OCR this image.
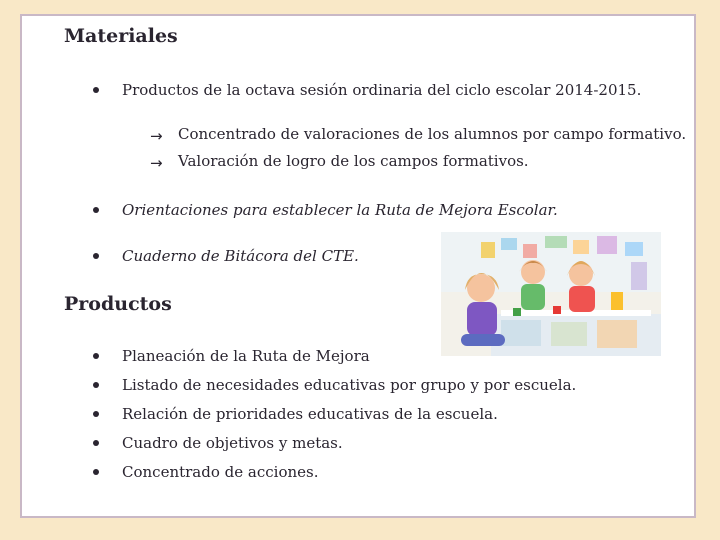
Materiales
Productos de la octava sesión ordinaria del ciclo escolar 2014-2015.
→ Concentrado de valoraciones de los alumnos por campo formativo.
→ Valoración de logro de los campos formativos.
Orientaciones para establecer la Ruta de Mejora Escolar.
Cuaderno de Bitácora del CTE.
Productos
Planeación de la Ruta de Mejora
Listado de necesidades educativas por grupo y por escuela.
Relación de prioridades educativas de la escuela.
Cuadro de objetivos y metas.
Concentrado de acciones.
